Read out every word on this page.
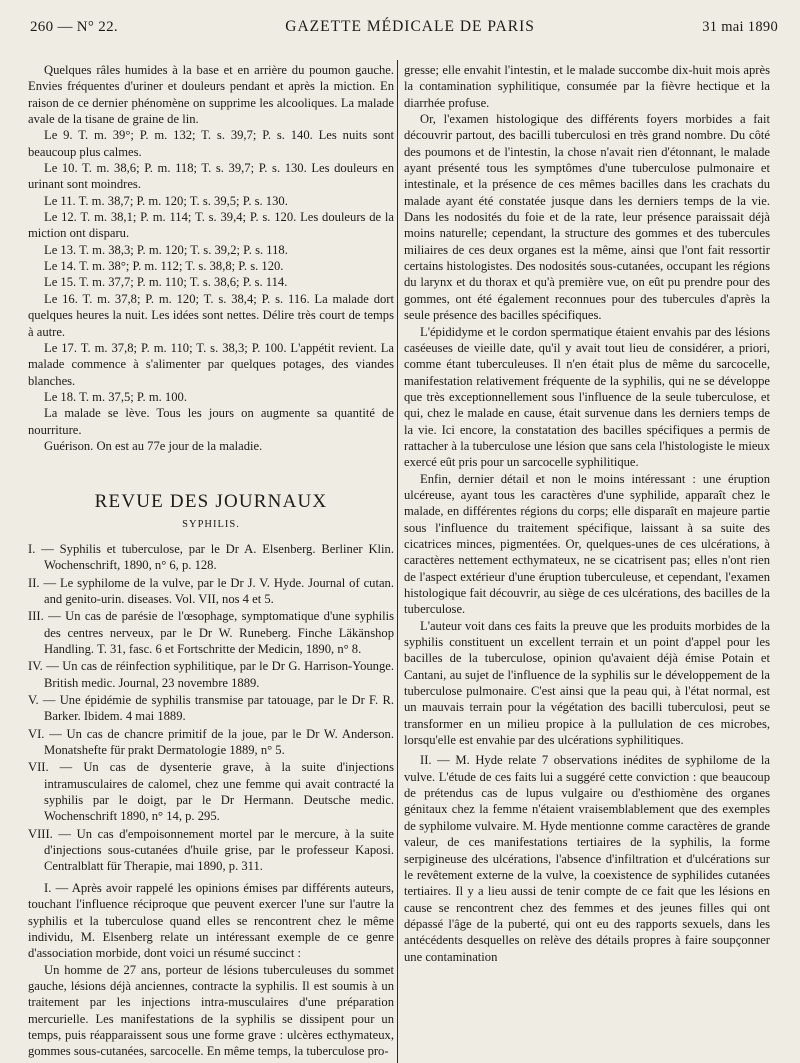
260 — N° 22.	GAZETTE MÉDICALE DE PARIS	31 mai 1890

Quelques râles humides à la base et en arrière du poumon gauche. Envies fréquentes d'uriner et douleurs pendant et après la miction. En raison de ce dernier phénomène on supprime les alcooliques. La malade avale de la tisane de graine de lin.

Le 9. T. m. 39°; P. m. 132; T. s. 39,7; P. s. 140. Les nuits sont beaucoup plus calmes.

Le 10. T. m. 38,6; P. m. 118; T. s. 39,7; P. s. 130. Les douleurs en urinant sont moindres.

Le 11. T. m. 38,7; P. m. 120; T. s. 39,5; P. s. 130.

Le 12. T. m. 38,1; P. m. 114; T. s. 39,4; P. s. 120. Les douleurs de la miction ont disparu.

Le 13. T. m. 38,3; P. m. 120; T. s. 39,2; P. s. 118.

Le 14. T. m. 38°; P. m. 112; T. s. 38,8; P. s. 120.

Le 15. T. m. 37,7; P. m. 110; T. s. 38,6; P. s. 114.

Le 16. T. m. 37,8; P. m. 120; T. s. 38,4; P. s. 116. La malade dort quelques heures la nuit. Les idées sont nettes. Délire très court de temps à autre.

Le 17. T. m. 37,8; P. m. 110; T. s. 38,3; P. 100. L'appétit revient. La malade commence à s'alimenter par quelques potages, des viandes blanches.

Le 18. T. m. 37,5; P. m. 100.

La malade se lève. Tous les jours on augmente sa quantité de nourriture.

Guérison. On est au 77e jour de la maladie.

REVUE DES JOURNAUX

SYPHILIS.

I. — Syphilis et tuberculose, par le Dr A. Elsenberg. Berliner Klin. Wochenschrift, 1890, n° 6, p. 128.

II. — Le syphilome de la vulve, par le Dr J. V. Hyde. Journal of cutan. and genito-urin. diseases. Vol. VII, nos 4 et 5.

III. — Un cas de parésie de l'œsophage, symptomatique d'une syphilis des centres nerveux, par le Dr W. Runeberg. Finche Läkänshop Handling. T. 31, fasc. 6 et Fortschritte der Medicin, 1890, n° 8.

IV. — Un cas de réinfection syphilitique, par le Dr G. Harrison-Younge. British medic. Journal, 23 novembre 1889.

V. — Une épidémie de syphilis transmise par tatouage, par le Dr F. R. Barker. Ibidem. 4 mai 1889.

VI. — Un cas de chancre primitif de la joue, par le Dr W. Anderson. Monatshefte für prakt Dermatologie 1889, n° 5.

VII. — Un cas de dysenterie grave, à la suite d'injections intramusculaires de calomel, chez une femme qui avait contracté la syphilis par le doigt, par le Dr Hermann. Deutsche medic. Wochenschrift 1890, n° 14, p. 295.

VIII. — Un cas d'empoisonnement mortel par le mercure, à la suite d'injections sous-cutanées d'huile grise, par le professeur Kaposi. Centralblatt für Therapie, mai 1890, p. 311.

I. — Après avoir rappelé les opinions émises par différents auteurs, touchant l'influence réciproque que peuvent exercer l'une sur l'autre la syphilis et la tuberculose quand elles se rencontrent chez le même individu, M. Elsenberg relate un intéressant exemple de ce genre d'association morbide, dont voici un résumé succinct :

Un homme de 27 ans, porteur de lésions tuberculeuses du sommet gauche, lésions déjà anciennes, contracte la syphilis. Il est soumis à un traitement par les injections intra-musculaires d'une préparation mercurielle. Les manifestations de la syphilis se dissipent pour un temps, puis réapparaissent sous une forme grave : ulcères ecthymateux, gommes sous-cutanées, sarcocelle. En même temps, la tuberculose pro-

gresse; elle envahit l'intestin, et le malade succombe dix-huit mois après la contamination syphilitique, consumée par la fièvre hectique et la diarrhée profuse.

Or, l'examen histologique des différents foyers morbides a fait découvrir partout, des bacilli tuberculosi en très grand nombre. Du côté des poumons et de l'intestin, la chose n'avait rien d'étonnant, le malade ayant présenté tous les symptômes d'une tuberculose pulmonaire et intestinale, et la présence de ces mêmes bacilles dans les crachats du malade ayant été constatée jusque dans les derniers temps de la vie. Dans les nodosités du foie et de la rate, leur présence paraissait déjà moins naturelle; cependant, la structure des gommes et des tubercules miliaires de ces deux organes est la même, ainsi que l'ont fait ressortir certains histologistes. Des nodosités sous-cutanées, occupant les régions du larynx et du thorax et qu'à première vue, on eût pu prendre pour des gommes, ont été également reconnues pour des tubercules d'après la seule présence des bacilles spécifiques.

L'épididyme et le cordon spermatique étaient envahis par des lésions caséeuses de vieille date, qu'il y avait tout lieu de considérer, a priori, comme étant tuberculeuses. Il n'en était plus de même du sarcocelle, manifestation relativement fréquente de la syphilis, qui ne se développe que très exceptionnellement sous l'influence de la seule tuberculose, et qui, chez le malade en cause, était survenue dans les derniers temps de la vie. Ici encore, la constatation des bacilles spécifiques a permis de rattacher à la tuberculose une lésion que sans cela l'histologiste le mieux exercé eût pris pour un sarcocelle syphilitique.

Enfin, dernier détail et non le moins intéressant : une éruption ulcéreuse, ayant tous les caractères d'une syphilide, apparaît chez le malade, en différentes régions du corps; elle disparaît en majeure partie sous l'influence du traitement spécifique, laissant à sa suite des cicatrices minces, pigmentées. Or, quelques-unes de ces ulcérations, à caractères nettement ecthymateux, ne se cicatrisent pas; elles n'ont rien de l'aspect extérieur d'une éruption tuberculeuse, et cependant, l'examen histologique fait découvrir, au siège de ces ulcérations, des bacilles de la tuberculose.

L'auteur voit dans ces faits la preuve que les produits morbides de la syphilis constituent un excellent terrain et un point d'appel pour les bacilles de la tuberculose, opinion qu'avaient déjà émise Potain et Cantani, au sujet de l'influence de la syphilis sur le développement de la tuberculose pulmonaire. C'est ainsi que la peau qui, à l'état normal, est un mauvais terrain pour la végétation des bacilli tuberculosi, peut se transformer en un milieu propice à la pullulation de ces microbes, lorsqu'elle est envahie par des ulcérations syphilitiques.

II. — M. Hyde relate 7 observations inédites de syphilome de la vulve. L'étude de ces faits lui a suggéré cette conviction : que beaucoup de prétendus cas de lupus vulgaire ou d'esthiomène des organes génitaux chez la femme n'étaient vraisemblablement que des exemples de syphilome vulvaire. M. Hyde mentionne comme caractères de grande valeur, de ces manifestations tertiaires de la syphilis, la forme serpigineuse des ulcérations, l'absence d'infiltration et d'ulcérations sur le revêtement externe de la vulve, la coexistence de syphilides cutanées tertiaires. Il y a lieu aussi de tenir compte de ce fait que les lésions en cause se rencontrent chez des femmes et des jeunes filles qui ont dépassé l'âge de la puberté, qui ont eu des rapports sexuels, dans les antécédents desquelles on relève des détails propres à faire soupçonner une contamination
